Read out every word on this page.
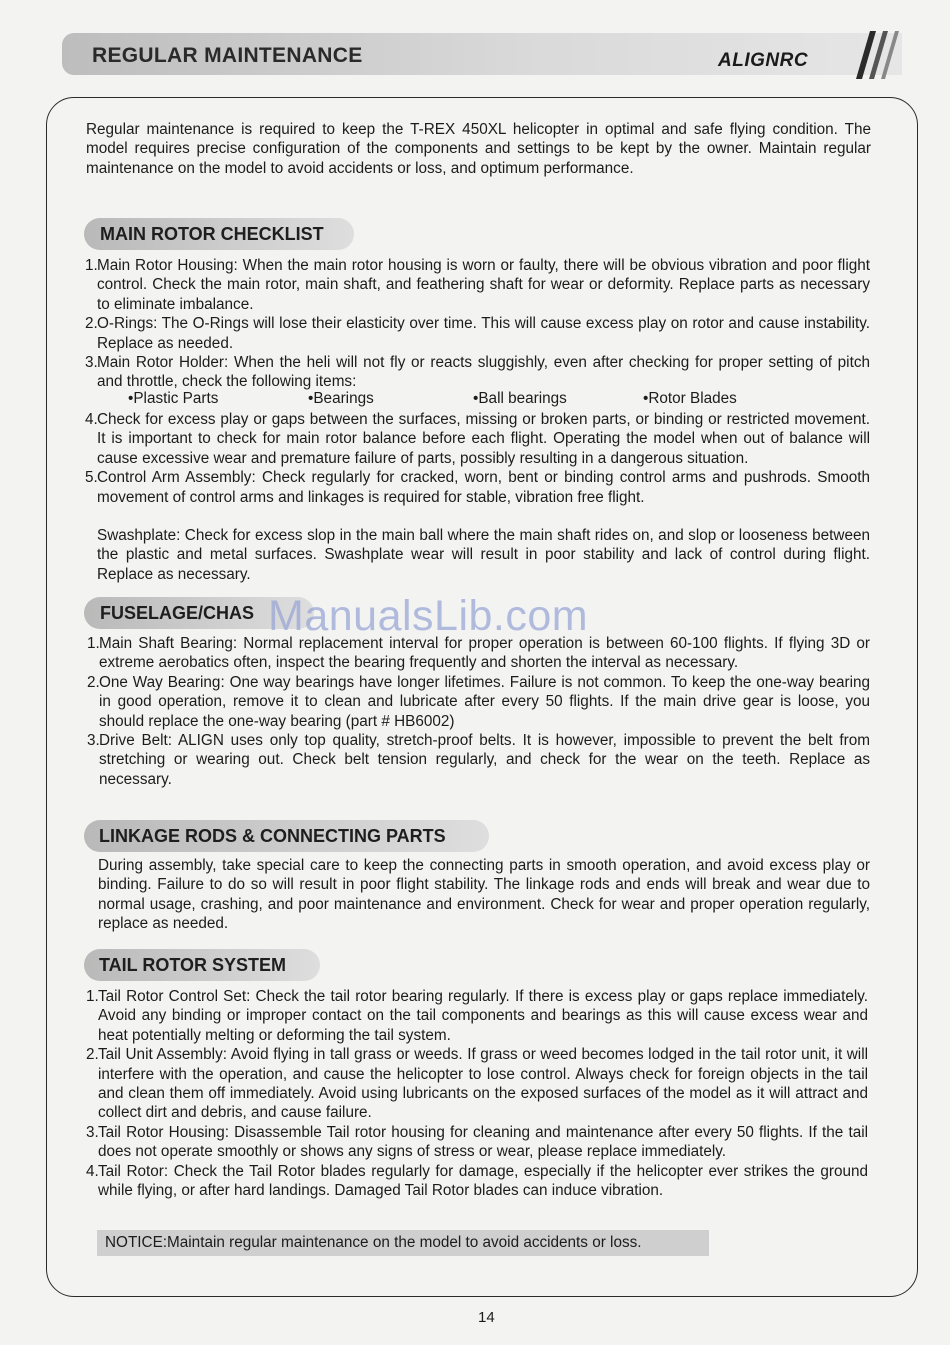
REGULAR MAINTENANCE	ALIGNRC

Regular maintenance is required to keep the T-REX 450XL helicopter in optimal and safe flying condition. The model requires precise configuration of the components and settings to be kept by the owner. Maintain regular maintenance on the model to avoid accidents or loss, and optimum performance.

MAIN ROTOR CHECKLIST
1. Main Rotor Housing: When the main rotor housing is worn or faulty, there will be obvious vibration and poor flight control. Check the main rotor, main shaft, and feathering shaft for wear or deformity. Replace parts as necessary to eliminate imbalance.
2. O-Rings: The O-Rings will lose their elasticity over time. This will cause excess play on rotor and cause instability. Replace as needed.
3. Main Rotor Holder: When the heli will not fly or reacts sluggishly, even after checking for proper setting of pitch and throttle, check the following items:
•Plastic Parts	•Bearings	•Ball bearings	•Rotor Blades
4. Check for excess play or gaps between the surfaces, missing or broken parts, or binding or restricted movement. It is important to check for main rotor balance before each flight. Operating the model when out of balance will cause excessive wear and premature failure of parts, possibly resulting in a dangerous situation.
5. Control Arm Assembly: Check regularly for cracked, worn, bent or binding control arms and pushrods. Smooth movement of control arms and linkages is required for stable, vibration free flight.

Swashplate: Check for excess slop in the main ball where the main shaft rides on, and slop or looseness between the plastic and metal surfaces. Swashplate wear will result in poor stability and lack of control during flight. Replace as necessary.

FUSELAGE/CHAS
1. Main Shaft Bearing: Normal replacement interval for proper operation is between 60-100 flights. If flying 3D or extreme aerobatics often, inspect the bearing frequently and shorten the interval as necessary.
2. One Way Bearing: One way bearings have longer lifetimes. Failure is not common. To keep the one-way bearing in good operation, remove it to clean and lubricate after every 50 flights. If the main drive gear is loose, you should replace the one-way bearing (part # HB6002)
3. Drive Belt: ALIGN uses only top quality, stretch-proof belts. It is however, impossible to prevent the belt from stretching or wearing out. Check belt tension regularly, and check for the wear on the teeth. Replace as necessary.
LINKAGE RODS & CONNECTING PARTS

During assembly, take special care to keep the connecting parts in smooth operation, and avoid excess play or binding. Failure to do so will result in poor flight stability. The linkage rods and ends will break and wear due to normal usage, crashing, and poor maintenance and environment. Check for wear and proper operation regularly, replace as needed.

TAIL ROTOR SYSTEM
1. Tail Rotor Control Set: Check the tail rotor bearing regularly. If there is excess play or gaps replace immediately. Avoid any binding or improper contact on the tail components and bearings as this will cause excess wear and heat potentially melting or deforming the tail system.
2. Tail Unit Assembly: Avoid flying in tall grass or weeds. If grass or weed becomes lodged in the tail rotor unit, it will interfere with the operation, and cause the helicopter to lose control. Always check for foreign objects in the tail and clean them off immediately. Avoid using lubricants on the exposed surfaces of the model as it will attract and collect dirt and debris, and cause failure.
3. Tail Rotor Housing: Disassemble Tail rotor housing for cleaning and maintenance after every 50 flights. If the tail does not operate smoothly or shows any signs of stress or wear, please replace immediately.
4. Tail Rotor: Check the Tail Rotor blades regularly for damage, especially if the helicopter ever strikes the ground while flying, or after hard landings. Damaged Tail Rotor blades can induce vibration.
NOTICE:Maintain regular maintenance on the model to avoid accidents or loss.
ManualsLib.com
14
